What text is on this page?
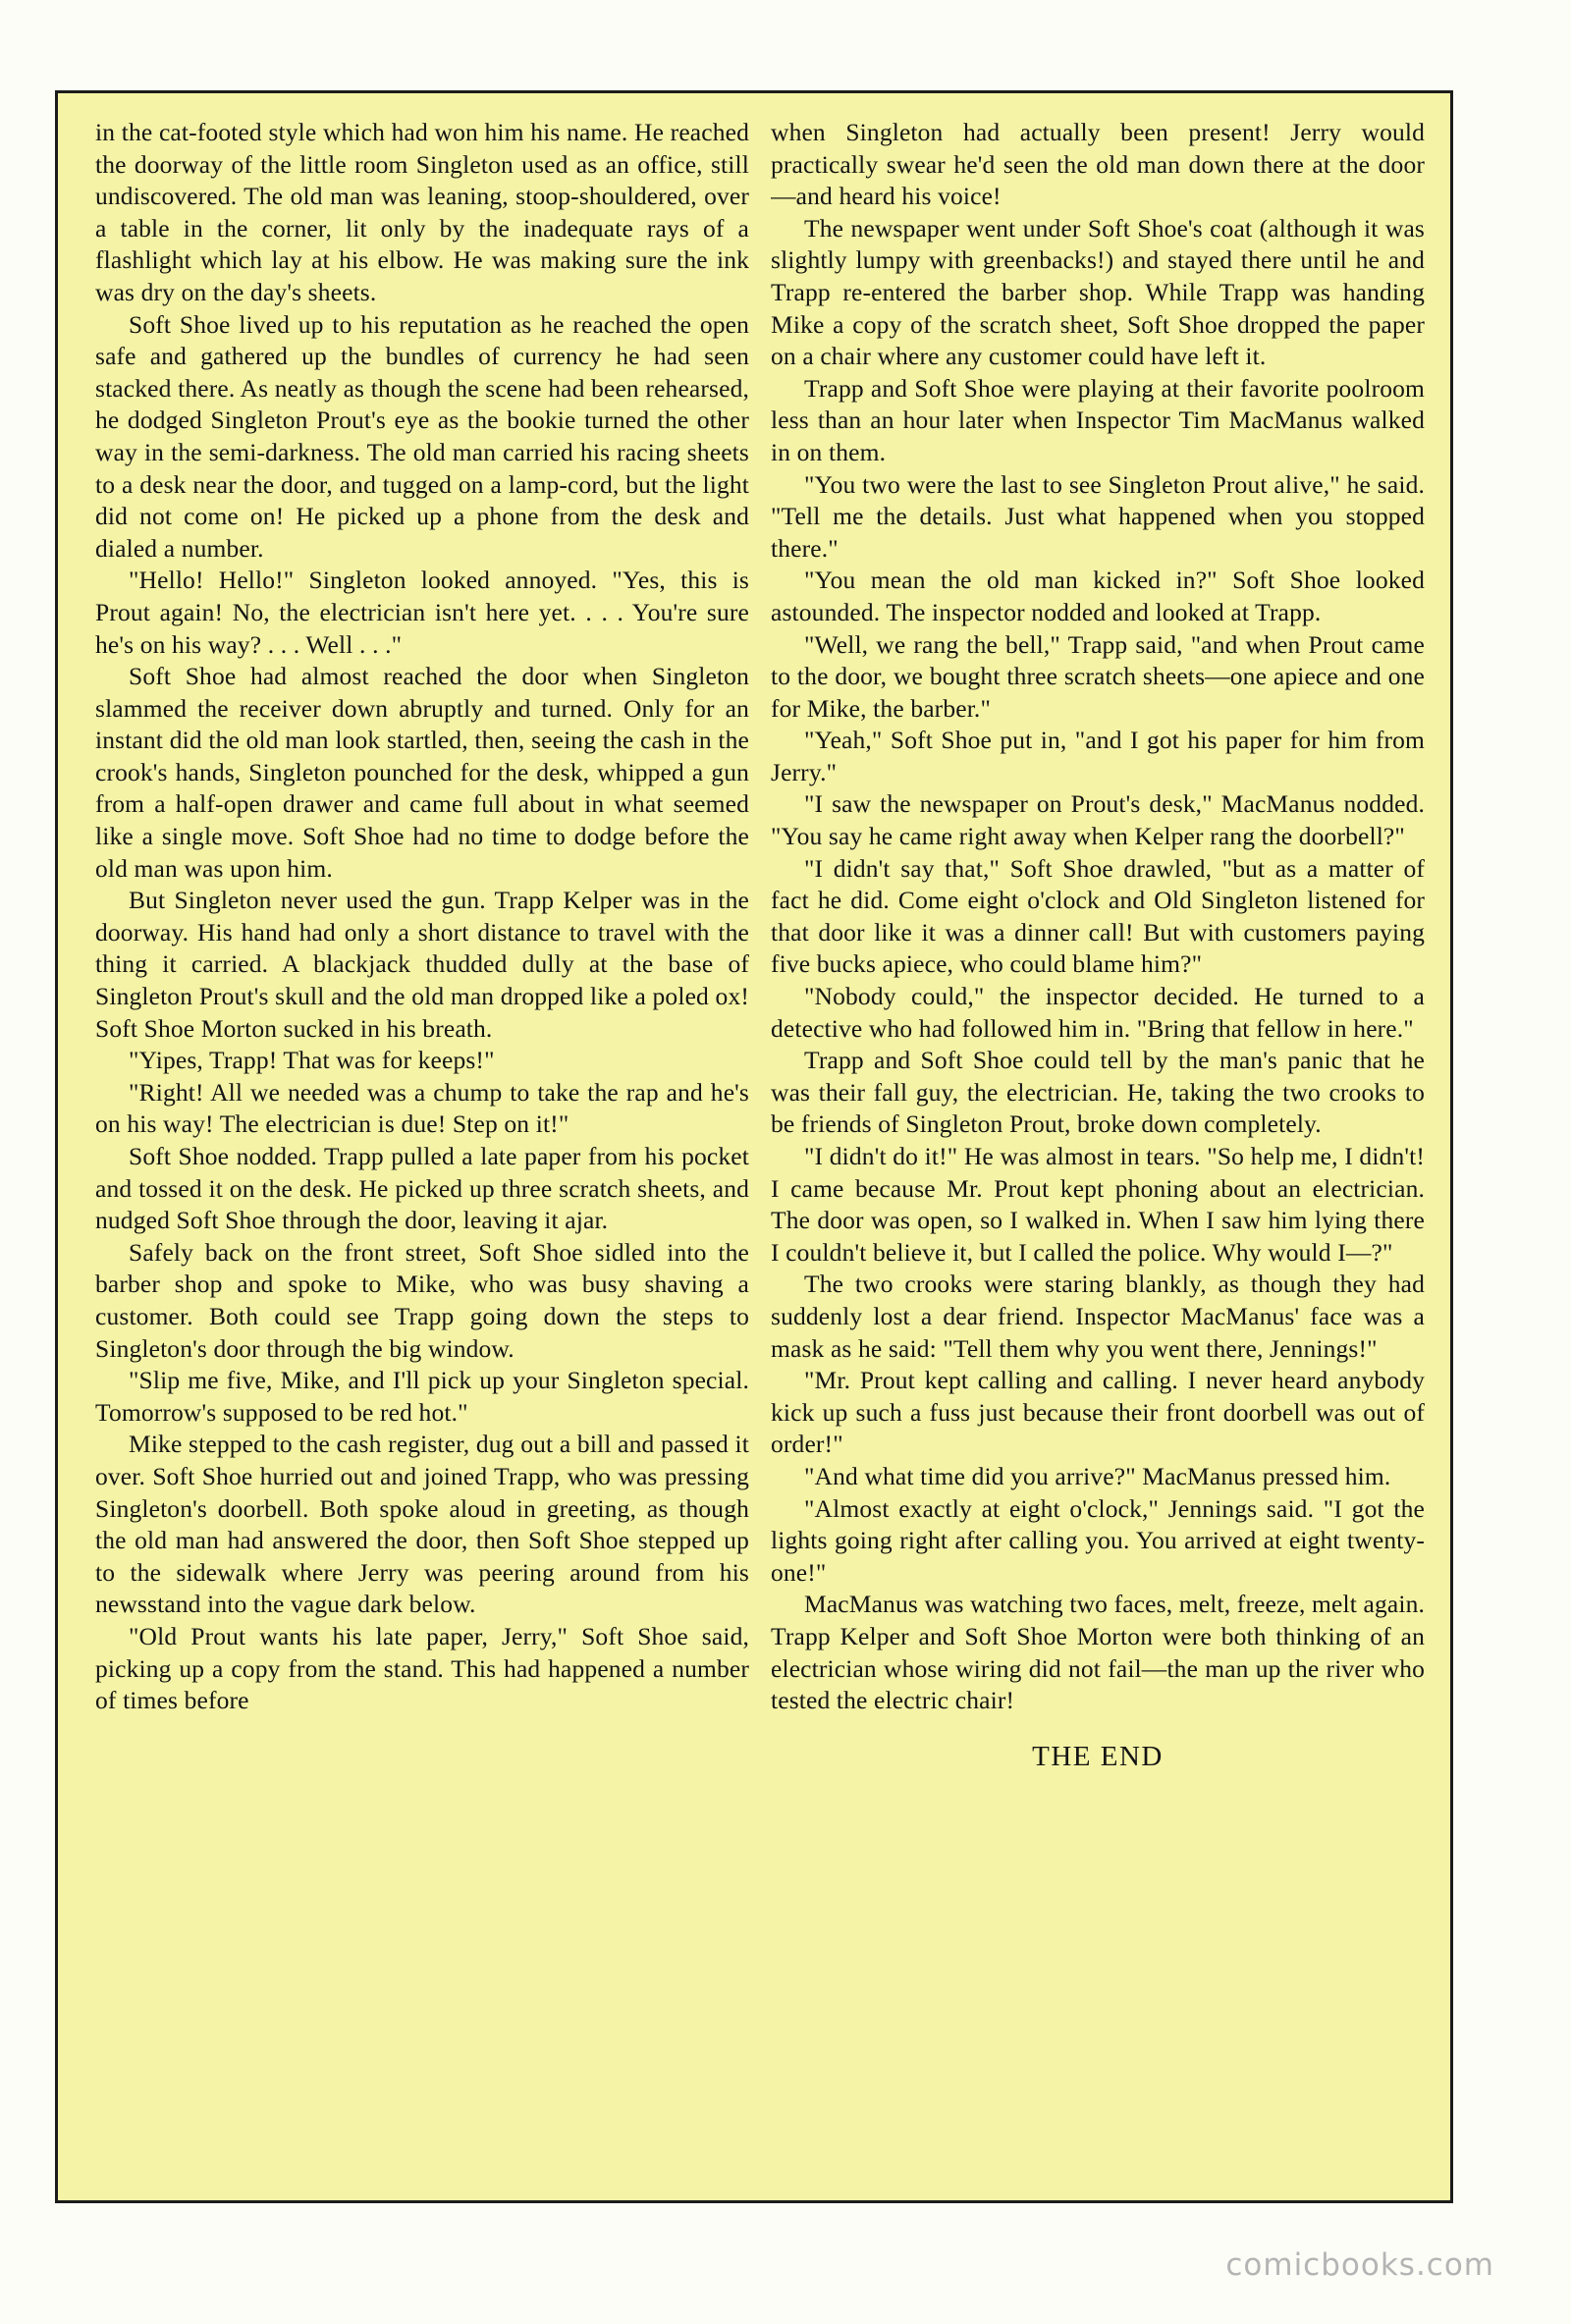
in the cat-footed style which had won him his name. He reached the doorway of the little room Singleton used as an office, still undiscovered. The old man was leaning, stoop-shouldered, over a table in the corner, lit only by the inadequate rays of a flashlight which lay at his elbow. He was making sure the ink was dry on the day's sheets.

Soft Shoe lived up to his reputation as he reached the open safe and gathered up the bundles of currency he had seen stacked there. As neatly as though the scene had been rehearsed, he dodged Singleton Prout's eye as the bookie turned the other way in the semi-darkness. The old man carried his racing sheets to a desk near the door, and tugged on a lamp-cord, but the light did not come on! He picked up a phone from the desk and dialed a number.

"Hello! Hello!" Singleton looked annoyed. "Yes, this is Prout again! No, the electrician isn't here yet. . . . You're sure he's on his way? . . . Well . . ."

Soft Shoe had almost reached the door when Singleton slammed the receiver down abruptly and turned. Only for an instant did the old man look startled, then, seeing the cash in the crook's hands, Singleton pounched for the desk, whipped a gun from a half-open drawer and came full about in what seemed like a single move. Soft Shoe had no time to dodge before the old man was upon him.

But Singleton never used the gun. Trapp Kelper was in the doorway. His hand had only a short distance to travel with the thing it carried. A blackjack thudded dully at the base of Singleton Prout's skull and the old man dropped like a poled ox! Soft Shoe Morton sucked in his breath.

"Yipes, Trapp! That was for keeps!"

"Right! All we needed was a chump to take the rap and he's on his way! The electrician is due! Step on it!"

Soft Shoe nodded. Trapp pulled a late paper from his pocket and tossed it on the desk. He picked up three scratch sheets, and nudged Soft Shoe through the door, leaving it ajar.

Safely back on the front street, Soft Shoe sidled into the barber shop and spoke to Mike, who was busy shaving a customer. Both could see Trapp going down the steps to Singleton's door through the big window.

"Slip me five, Mike, and I'll pick up your Singleton special. Tomorrow's supposed to be red hot."

Mike stepped to the cash register, dug out a bill and passed it over. Soft Shoe hurried out and joined Trapp, who was pressing Singleton's doorbell. Both spoke aloud in greeting, as though the old man had answered the door, then Soft Shoe stepped up to the sidewalk where Jerry was peering around from his newsstand into the vague dark below.

"Old Prout wants his late paper, Jerry," Soft Shoe said, picking up a copy from the stand. This had happened a number of times before

when Singleton had actually been present! Jerry would practically swear he'd seen the old man down there at the door—and heard his voice!

The newspaper went under Soft Shoe's coat (although it was slightly lumpy with greenbacks!) and stayed there until he and Trapp re-entered the barber shop. While Trapp was handing Mike a copy of the scratch sheet, Soft Shoe dropped the paper on a chair where any customer could have left it.

Trapp and Soft Shoe were playing at their favorite poolroom less than an hour later when Inspector Tim MacManus walked in on them.

"You two were the last to see Singleton Prout alive," he said. "Tell me the details. Just what happened when you stopped there."

"You mean the old man kicked in?" Soft Shoe looked astounded. The inspector nodded and looked at Trapp.

"Well, we rang the bell," Trapp said, "and when Prout came to the door, we bought three scratch sheets—one apiece and one for Mike, the barber."

"Yeah," Soft Shoe put in, "and I got his paper for him from Jerry."

"I saw the newspaper on Prout's desk," MacManus nodded. "You say he came right away when Kelper rang the doorbell?"

"I didn't say that," Soft Shoe drawled, "but as a matter of fact he did. Come eight o'clock and Old Singleton listened for that door like it was a dinner call! But with customers paying five bucks apiece, who could blame him?"

"Nobody could," the inspector decided. He turned to a detective who had followed him in. "Bring that fellow in here."

Trapp and Soft Shoe could tell by the man's panic that he was their fall guy, the electrician. He, taking the two crooks to be friends of Singleton Prout, broke down completely.

"I didn't do it!" He was almost in tears. "So help me, I didn't! I came because Mr. Prout kept phoning about an electrician. The door was open, so I walked in. When I saw him lying there I couldn't believe it, but I called the police. Why would I—?"

The two crooks were staring blankly, as though they had suddenly lost a dear friend. Inspector MacManus' face was a mask as he said: "Tell them why you went there, Jennings!"

"Mr. Prout kept calling and calling. I never heard anybody kick up such a fuss just because their front doorbell was out of order!"

"And what time did you arrive?" MacManus pressed him.

"Almost exactly at eight o'clock," Jennings said. "I got the lights going right after calling you. You arrived at eight twenty-one!"

MacManus was watching two faces, melt, freeze, melt again. Trapp Kelper and Soft Shoe Morton were both thinking of an electrician whose wiring did not fail—the man up the river who tested the electric chair!

THE END

comicbooks.com
